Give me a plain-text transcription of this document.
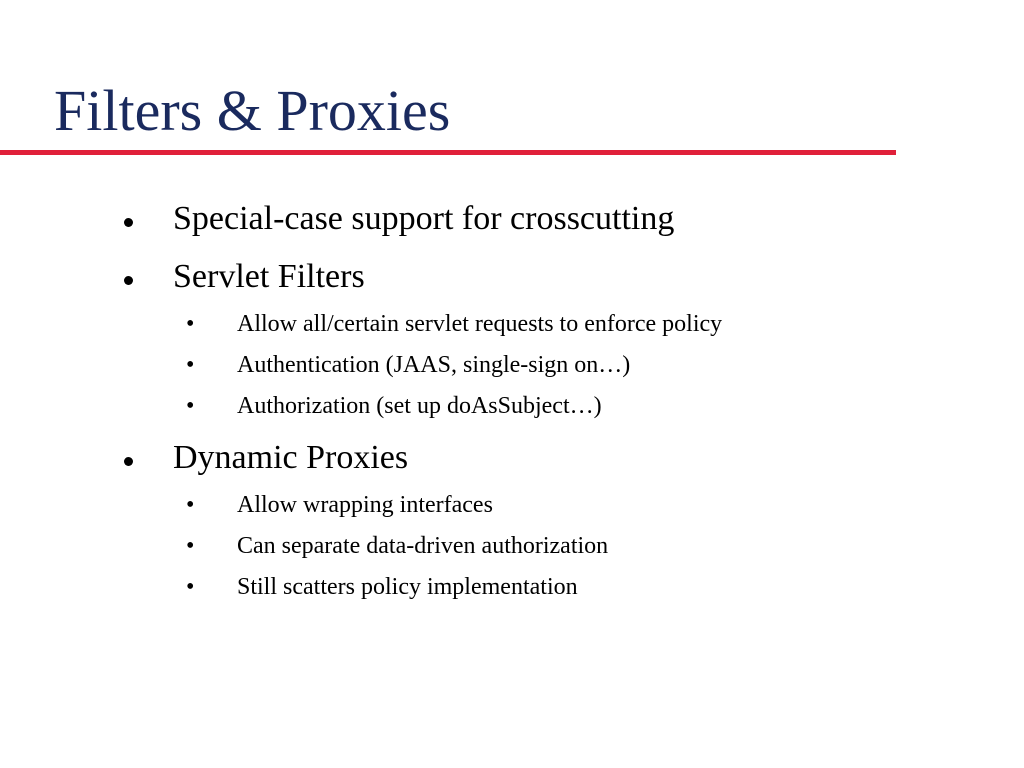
Filters & Proxies
Special-case support for crosscutting
Servlet Filters
• Allow all/certain servlet requests to enforce policy
• Authentication (JAAS, single-sign on…)
• Authorization (set up doAsSubject…)
Dynamic Proxies
• Allow wrapping interfaces
• Can separate data-driven authorization
• Still scatters policy implementation
